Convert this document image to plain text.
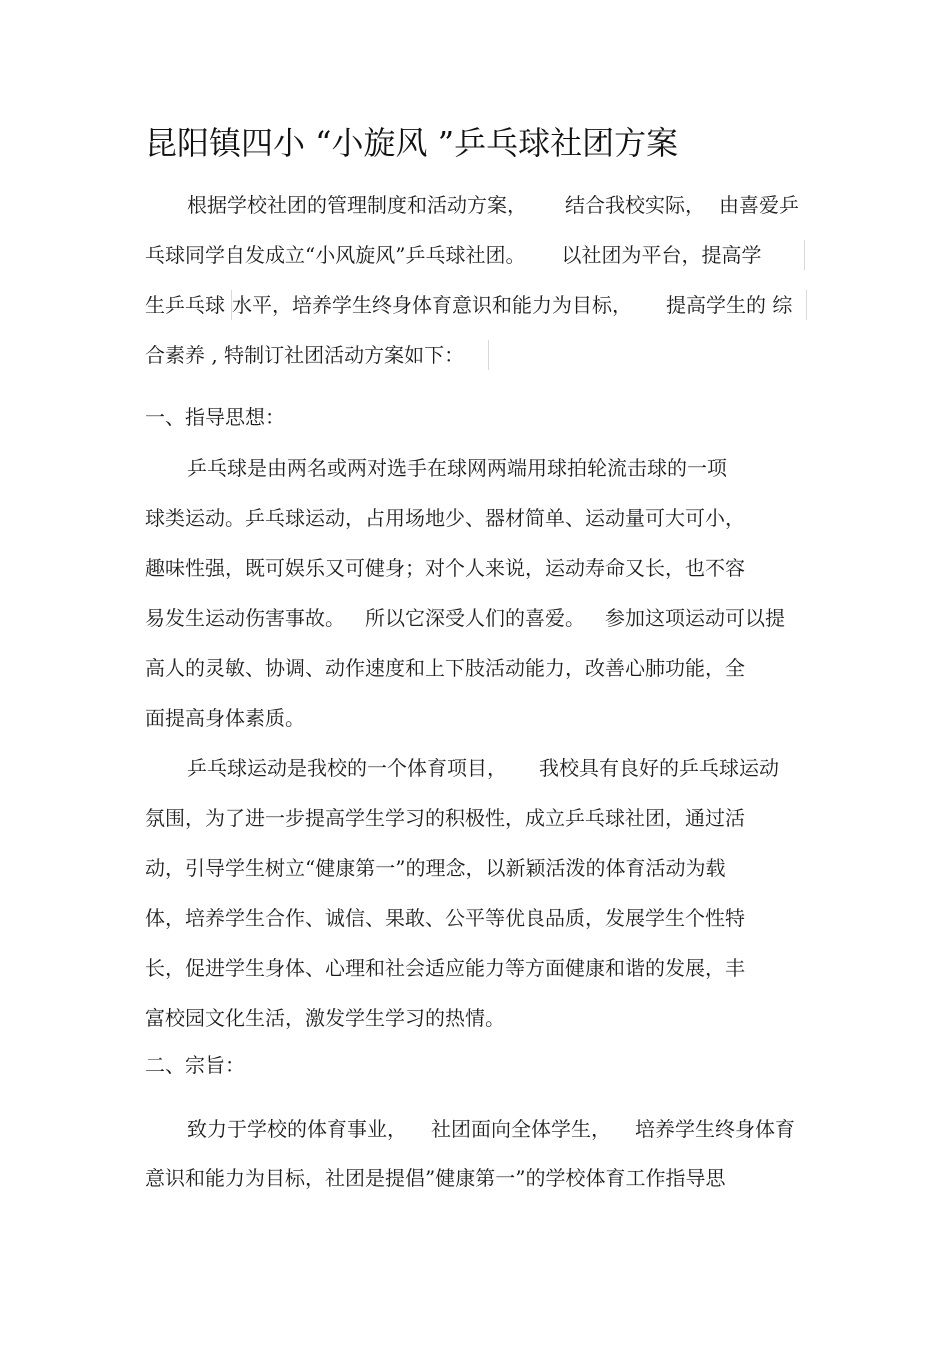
昆阳镇四小 “小旋风 ”乒乓球社团方案
根据学校社团的管理制度和活动方案， 结合我校实际， 由喜爱乒
乓球同学自发成立“小风旋风”乒乓球社团。 以社团为平台，提高学
生乒乓球 水平，培养学生终身体育意识和能力为目标， 提高学生的 综
合素养 , 特制订社团活动方案如下：
一、指导思想：
乒乓球是由两名或两对选手在球网两端用球拍轮流击球的一项
球类运动。乒乓球运动，占用场地少、器材简单、运动量可大可小，
趣味性强，既可娱乐又可健身；对个人来说，运动寿命又长，也不容
易发生运动伤害事故。 所以它深受人们的喜爱。 参加这项运动可以提
高人的灵敏、协调、动作速度和上下肢活动能力，改善心肺功能，全
面提高身体素质。
乒乓球运动是我校的一个体育项目， 我校具有良好的乒乓球运动
氛围，为了进一步提高学生学习的积极性，成立乒乓球社团，通过活
动，引导学生树立“健康第一”的理念，以新颖活泼的体育活动为载
体，培养学生合作、诚信、果敢、公平等优良品质，发展学生个性特
长，促进学生身体、心理和社会适应能力等方面健康和谐的发展，丰
富校园文化生活，激发学生学习的热情。
二、宗旨：
致力于学校的体育事业， 社团面向全体学生， 培养学生终身体育
意识和能力为目标，社团是提倡”健康第一”的学校体育工作指导思
